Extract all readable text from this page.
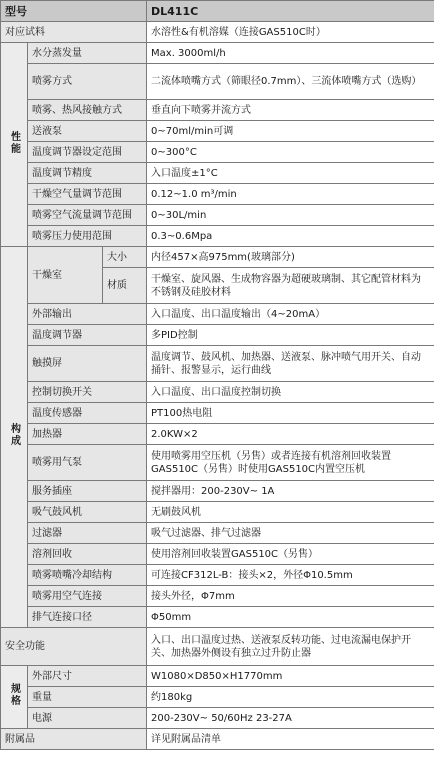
型号			DL411C
对应试料			水溶性&有机溶媒（连接GAS510C时）
性能	水分蒸发量		Max. 3000ml/h
	喷雾方式		二流体喷嘴方式（筛眼径0.7mm）、三流体喷嘴方式（选购）
	喷雾、热风接触方式		垂直向下喷雾并流方式
	送液泵		0~70ml/min可调
	温度调节器设定范围		0~300°C
	温度调节精度		入口温度±1°C
	干燥空气量调节范围		0.12~1.0 m³/min
	喷雾空气流量调节范围		0~30L/min
	喷雾压力使用范围		0.3~0.6Mpa
构成	干燥室	大小	内径457×高975mm(玻璃部分)
		材质	干燥室、旋风器、生成物容器为超硬玻璃制、其它配管材料为不锈钢及硅胶材料
	外部输出		入口温度、出口温度输出（4~20mA）
	温度调节器		多PID控制
	触摸屏		温度调节、鼓风机、加热器、送液泵、脉冲喷气用开关、自动捅针、报警显示，运行曲线
	控制切换开关		入口温度、出口温度控制切换
	温度传感器		PT100热电阻
	加热器		2.0KW×2
	喷雾用气泵		使用喷雾用空压机（另售）或者连接有机溶剂回收装置GAS510C（另售）时使用GAS510C内置空压机
	服务插座		搅拌器用：200-230V~ 1A
	吸气鼓风机		无刷鼓风机
	过滤器		吸气过滤器、排气过滤器
	溶剂回收		使用溶剂回收装置GAS510C（另售）
	喷雾喷嘴冷却结构		可连接CF312L-B：接头×2，外径Φ10.5mm
	喷雾用空气连接		接头外径，Φ7mm
	排气连接口径		Φ50mm
安全功能			入口、出口温度过热、送液泵反转功能、过电流漏电保护开关、加热器外侧设有独立过升防止器
规格	外部尺寸		W1080×D850×H1770mm
	重量		约180kg
	电源		200-230V~ 50/60Hz 23-27A
附属品			详见附属品清单
